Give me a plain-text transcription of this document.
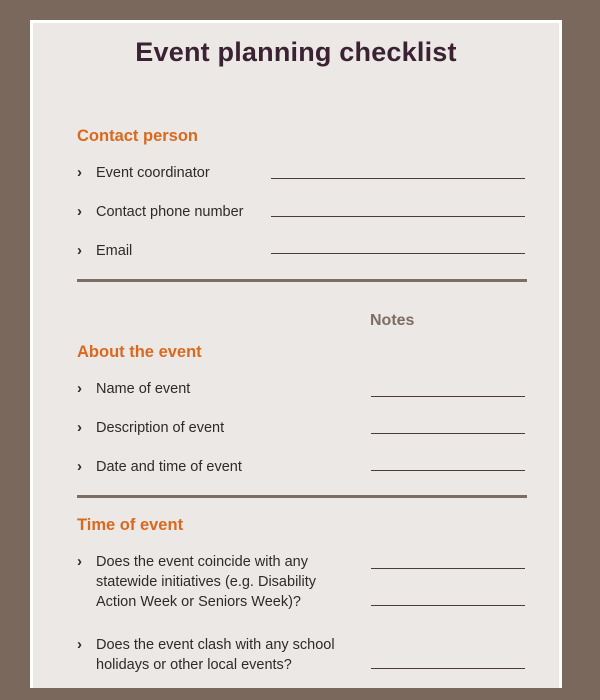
Event planning checklist
Contact person
› Event coordinator
› Contact phone number
› Email
Notes
About the event
› Name of event
› Description of event
› Date and time of event
Time of event
› Does the event coincide with any
statewide initiatives (e.g. Disability
Action Week or Seniors Week)?
› Does the event clash with any school
holidays or other local events?
